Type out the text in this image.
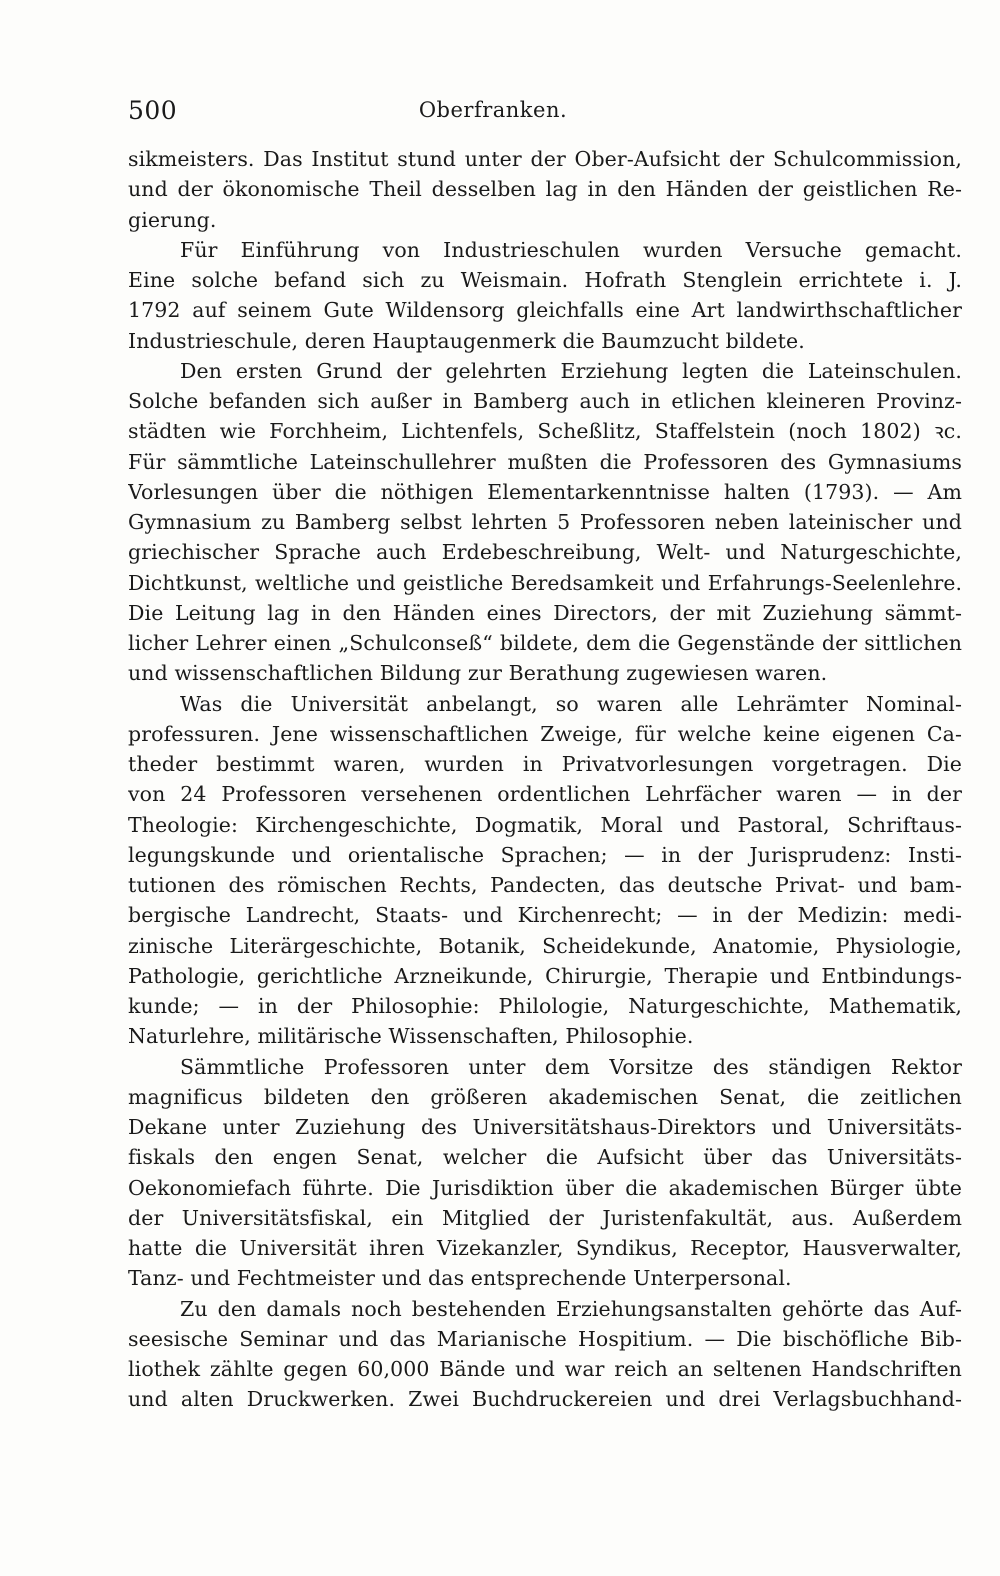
500	Oberfranken.
sikmeisters. Das Institut stund unter der Ober-Aufsicht der Schulcommission,
und der ökonomische Theil desselben lag in den Händen der geistlichen Re-
gierung.
Für Einführung von Industrieschulen wurden Versuche gemacht.
Eine solche befand sich zu Weismain. Hofrath Stenglein errichtete i. J.
1792 auf seinem Gute Wildensorg gleichfalls eine Art landwirthschaftlicher
Industrieschule, deren Hauptaugenmerk die Baumzucht bildete.
Den ersten Grund der gelehrten Erziehung legten die Lateinschulen.
Solche befanden sich außer in Bamberg auch in etlichen kleineren Provinz-
städten wie Forchheim, Lichtenfels, Scheßlitz, Staffelstein (noch 1802) ꝛc.
Für sämmtliche Lateinschullehrer mußten die Professoren des Gymnasiums
Vorlesungen über die nöthigen Elementarkenntnisse halten (1793). — Am
Gymnasium zu Bamberg selbst lehrten 5 Professoren neben lateinischer und
griechischer Sprache auch Erdebeschreibung, Welt- und Naturgeschichte,
Dichtkunst, weltliche und geistliche Beredsamkeit und Erfahrungs-Seelenlehre.
Die Leitung lag in den Händen eines Directors, der mit Zuziehung sämmt-
licher Lehrer einen „Schulconseß“ bildete, dem die Gegenstände der sittlichen
und wissenschaftlichen Bildung zur Berathung zugewiesen waren.
Was die Universität anbelangt, so waren alle Lehrämter Nominal-
professuren. Jene wissenschaftlichen Zweige, für welche keine eigenen Ca-
theder bestimmt waren, wurden in Privatvorlesungen vorgetragen. Die
von 24 Professoren versehenen ordentlichen Lehrfächer waren — in der
Theologie: Kirchengeschichte, Dogmatik, Moral und Pastoral, Schriftaus-
legungskunde und orientalische Sprachen; — in der Jurisprudenz: Insti-
tutionen des römischen Rechts, Pandecten, das deutsche Privat- und bam-
bergische Landrecht, Staats- und Kirchenrecht; — in der Medizin: medi-
zinische Literärgeschichte, Botanik, Scheidekunde, Anatomie, Physiologie,
Pathologie, gerichtliche Arzneikunde, Chirurgie, Therapie und Entbindungs-
kunde; — in der Philosophie: Philologie, Naturgeschichte, Mathematik,
Naturlehre, militärische Wissenschaften, Philosophie.
Sämmtliche Professoren unter dem Vorsitze des ständigen Rektor
magnificus bildeten den größeren akademischen Senat, die zeitlichen
Dekane unter Zuziehung des Universitätshaus-Direktors und Universitäts-
fiskals den engen Senat, welcher die Aufsicht über das Universitäts-
Oekonomiefach führte. Die Jurisdiktion über die akademischen Bürger übte
der Universitätsfiskal, ein Mitglied der Juristenfakultät, aus. Außerdem
hatte die Universität ihren Vizekanzler, Syndikus, Receptor, Hausverwalter,
Tanz- und Fechtmeister und das entsprechende Unterpersonal.
Zu den damals noch bestehenden Erziehungsanstalten gehörte das Auf-
seesische Seminar und das Marianische Hospitium. — Die bischöfliche Bib-
liothek zählte gegen 60,000 Bände und war reich an seltenen Handschriften
und alten Druckwerken. Zwei Buchdruckereien und drei Verlagsbuchhand-
